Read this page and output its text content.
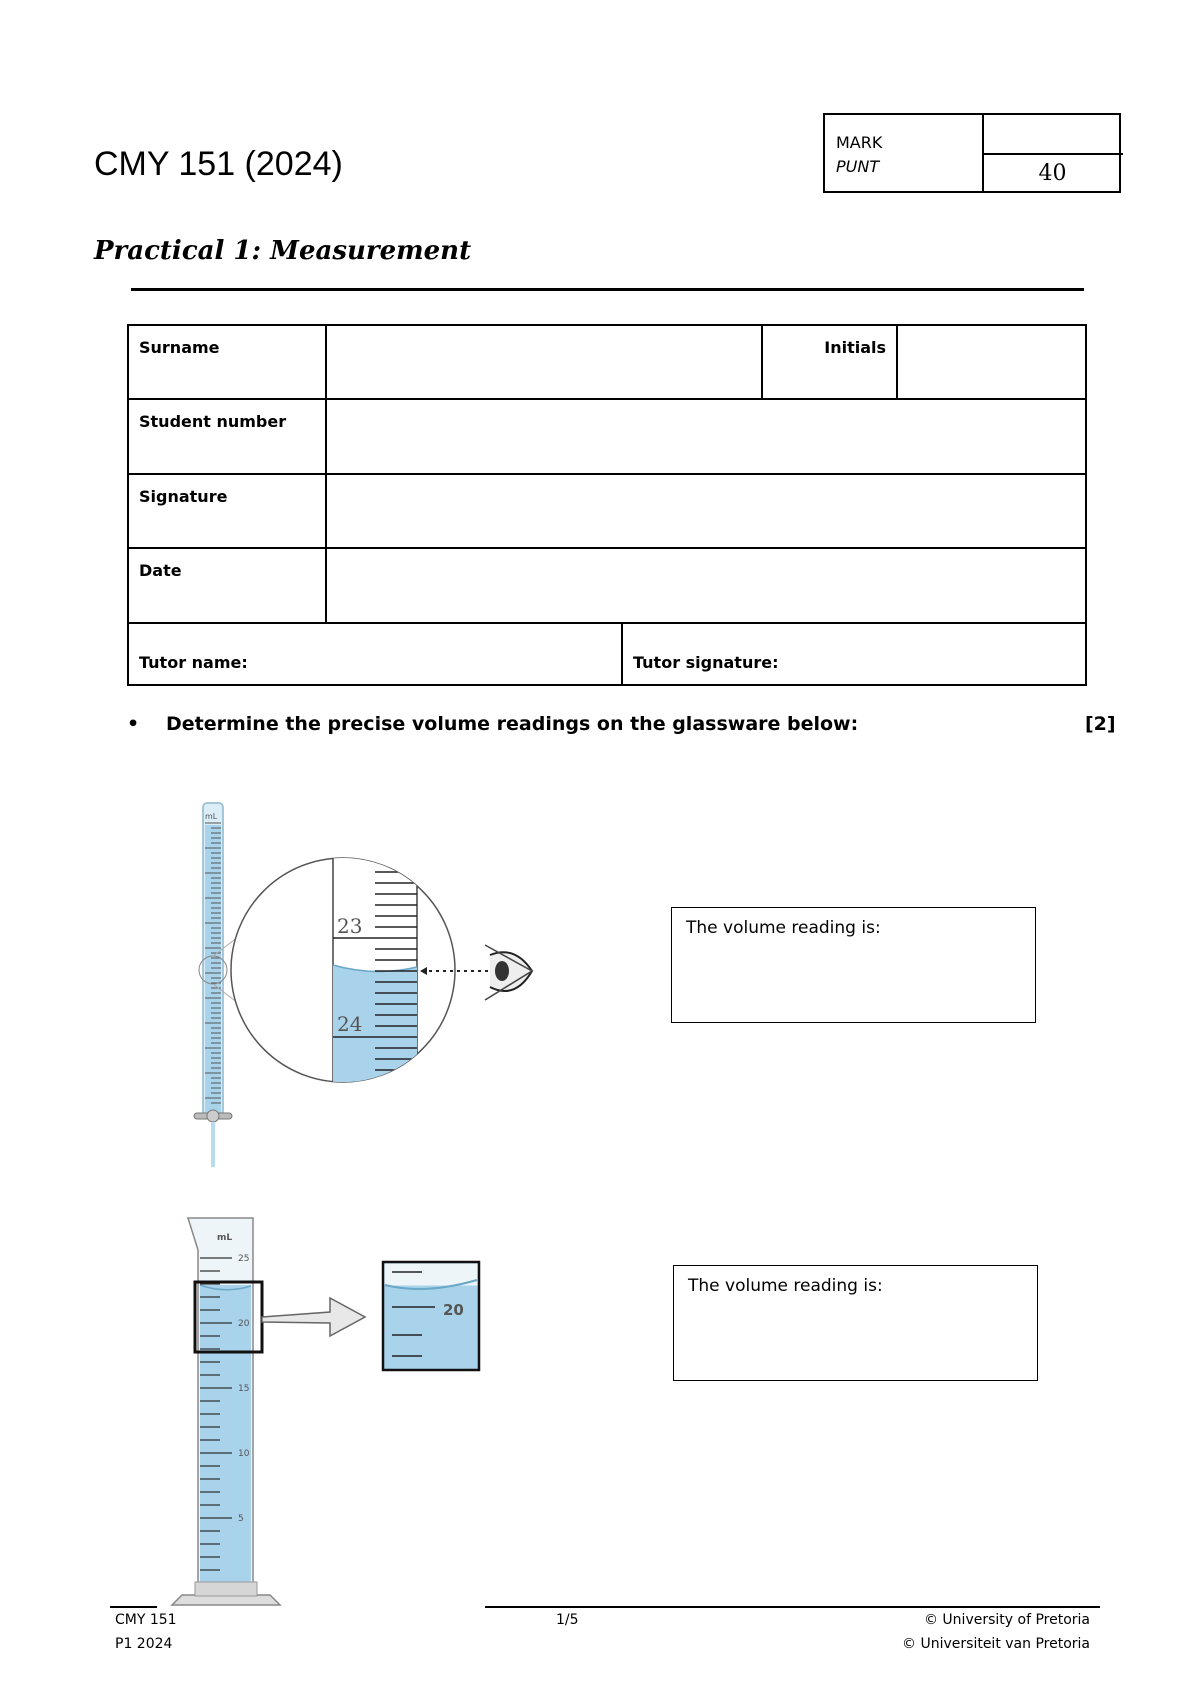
CMY 151 (2024)
Practical 1: Measurement
MARK
PUNT	40
Surname			Initials	
Student number				
Signature				
Date				
Tutor name:		Tutor signature:		
• Determine the precise volume readings on the glassware below:	[2]
mL
23
24
mL
25
20
15
10
5
20
The volume reading is:
The volume reading is:
CMY 151
P1 2024
1/5	© University of Pretoria
© Universiteit van Pretoria
